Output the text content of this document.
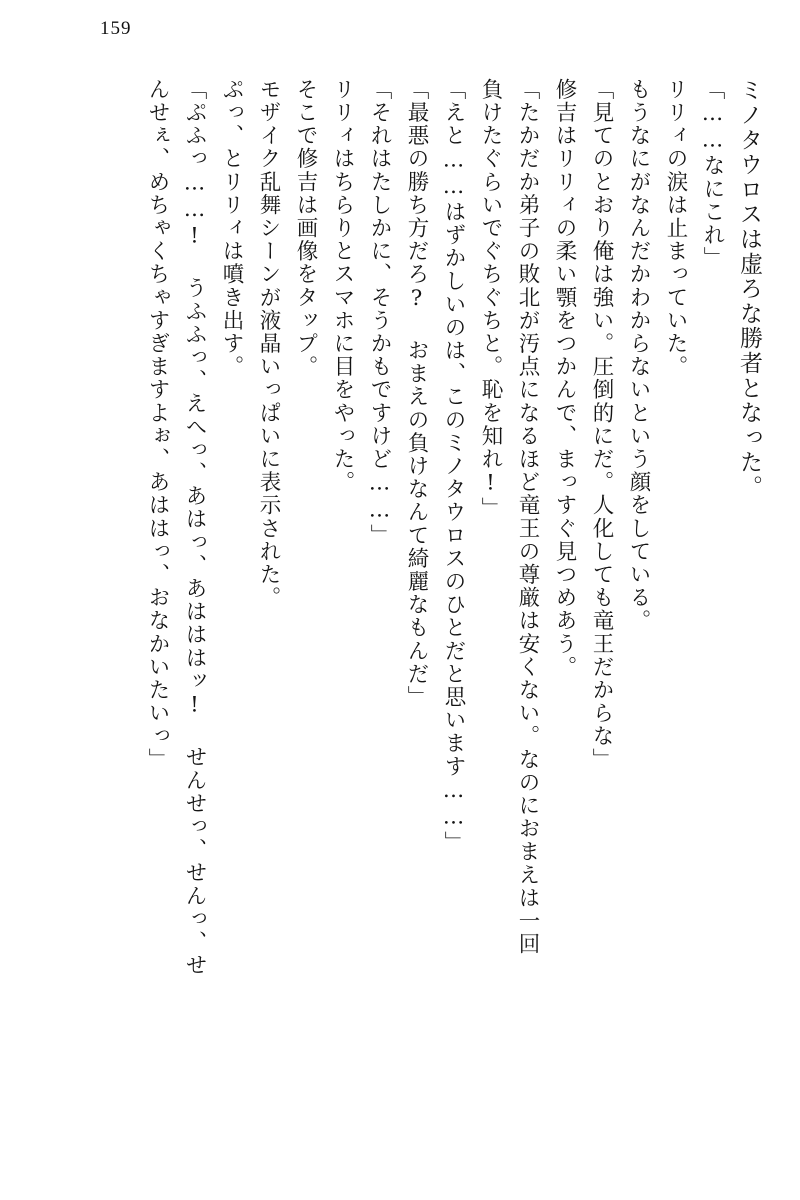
159
ミノタウロスは虚ろな勝者となった。
「……なにこれ」
リリィの涙は止まっていた。
もうなにがなんだかわからないという顔をしている。
「見てのとおり俺は強い。圧倒的にだ。人化しても竜王だからな」
修吉はリリィの柔い顎をつかんで、まっすぐ見つめあう。
「たかだか弟子の敗北が汚点になるほど竜王の尊厳は安くない。なのにおまえは一回
負けたぐらいでぐちぐちと。恥を知れ!」
「えと……はずかしいのは、このミノタウロスのひとだと思います……」
「最悪の勝ち方だろ? おまえの負けなんて綺麗なもんだ」
「それはたしかに、そうかもですけど……」
リリィはちらりとスマホに目をやった。
そこで修吉は画像をタップ。
モザイク乱舞シーンが液晶いっぱいに表示された。
ぷっ、とリリィは噴き出す。
「ぷふっ……! うふふっ、えへっ、あはっ、あはははッ! せんせっ、せんっ、せ
んせぇ、めちゃくちゃすぎますよぉ、あははっ、おなかいたいっ」
